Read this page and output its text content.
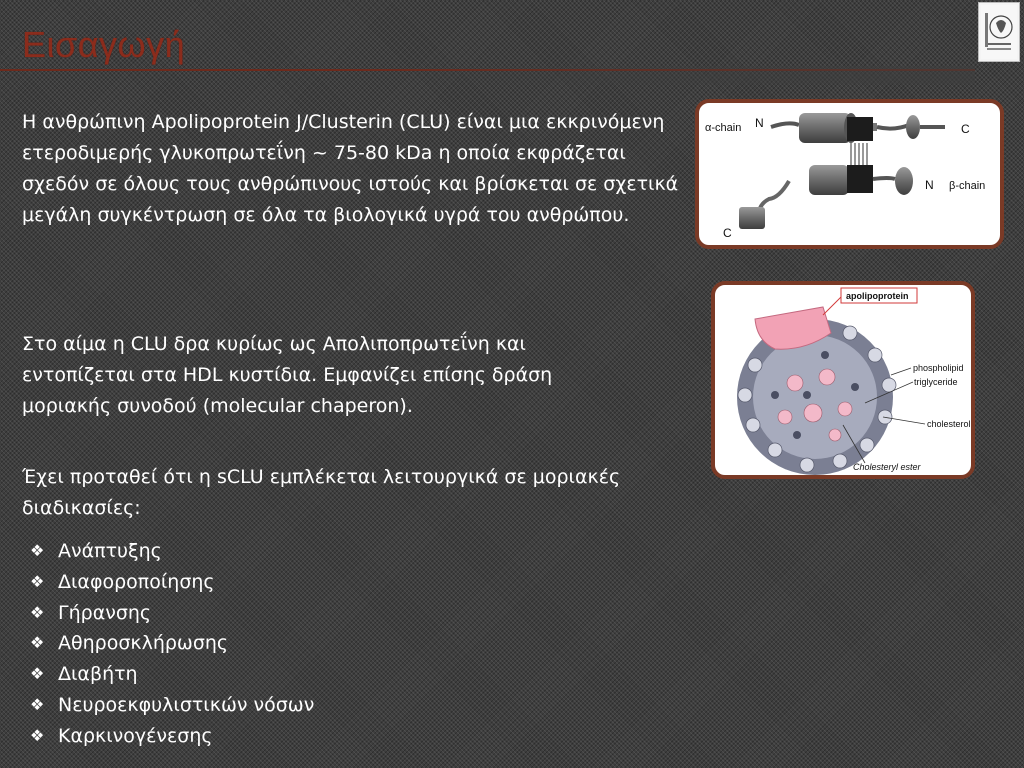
Εισαγωγή
Η ανθρώπινη Apolipoprotein J/Clusterin (CLU) είναι μια εκκρινόμενη ετεροδιμερής γλυκοπρωτεΐνη ~ 75-80 kDa η οποία εκφράζεται σχεδόν σε όλους τους ανθρώπινους ιστούς και βρίσκεται σε σχετικά μεγάλη συγκέντρωση σε όλα τα βιολογικά υγρά του ανθρώπου.
Στο αίμα η CLU δρα κυρίως ως Απολιποπρωτεΐνη και εντοπίζεται στα HDL κυστίδια. Εμφανίζει επίσης δράση μοριακής συνοδού (molecular chaperon).
Έχει προταθεί ότι η sCLU εμπλέκεται λειτουργικά σε μοριακές διαδικασίες:
❖ Ανάπτυξης
❖ Διαφοροποίησης
❖ Γήρανσης
❖ Αθηροσκλήρωσης
❖ Διαβήτη
❖ Νευροεκφυλιστικών νόσων
❖ Καρκινογένεσης
α-chain N	C
N β-chain
C
apolipoprotein
phospholipid
triglyceride
cholesterol
Cholesteryl ester
